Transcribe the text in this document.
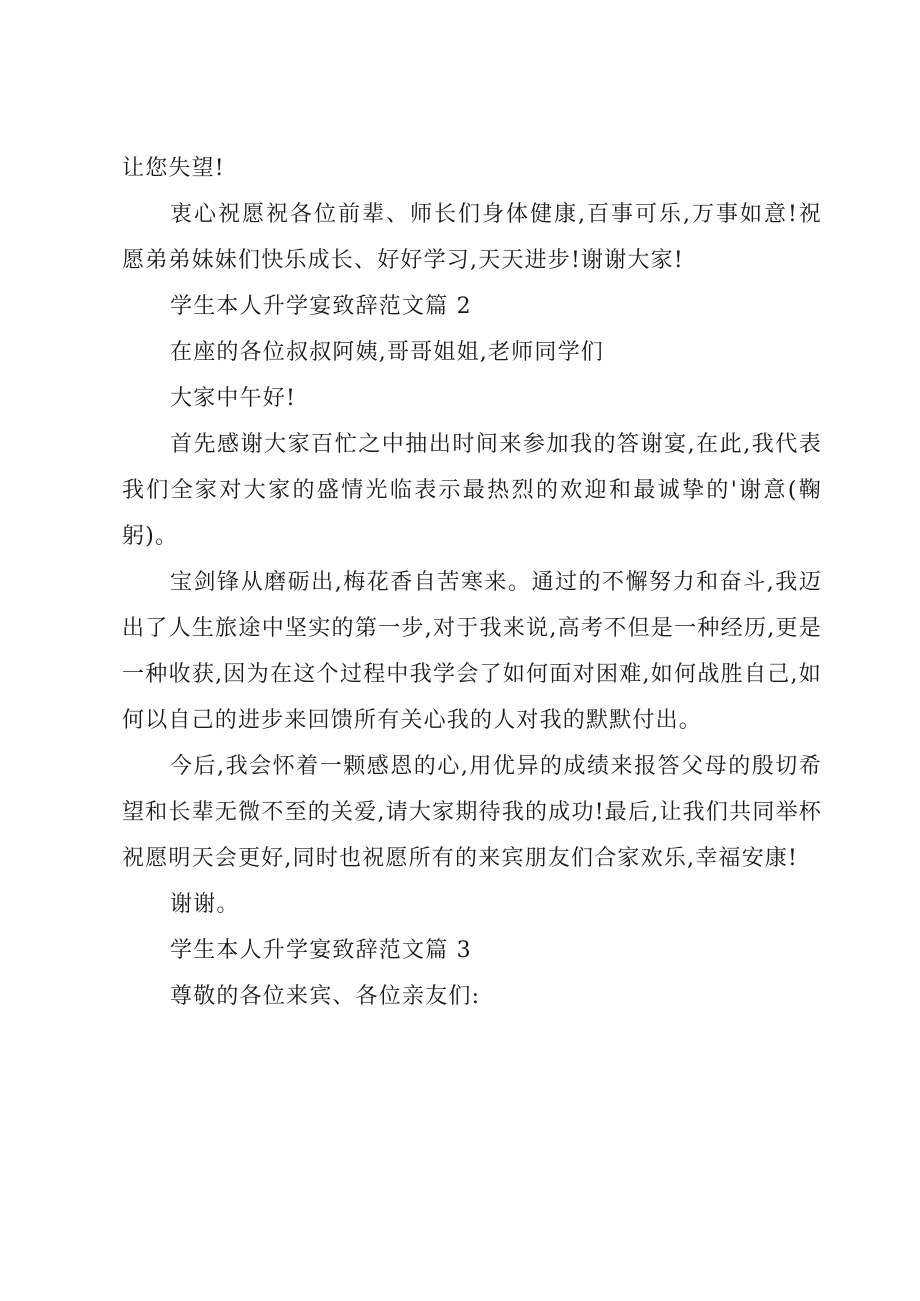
让您失望!

衷心祝愿祝各位前辈、师长们身体健康,百事可乐,万事如意!祝愿弟弟妹妹们快乐成长、好好学习,天天进步!谢谢大家!

学生本人升学宴致辞范文篇 2

在座的各位叔叔阿姨,哥哥姐姐,老师同学们

大家中午好!

首先感谢大家百忙之中抽出时间来参加我的答谢宴,在此,我代表我们全家对大家的盛情光临表示最热烈的欢迎和最诚挚的'谢意(鞠躬)。

宝剑锋从磨砺出,梅花香自苦寒来。通过的不懈努力和奋斗,我迈出了人生旅途中坚实的第一步,对于我来说,高考不但是一种经历,更是一种收获,因为在这个过程中我学会了如何面对困难,如何战胜自己,如何以自己的进步来回馈所有关心我的人对我的默默付出。

今后,我会怀着一颗感恩的心,用优异的成绩来报答父母的殷切希望和长辈无微不至的关爱,请大家期待我的成功!最后,让我们共同举杯祝愿明天会更好,同时也祝愿所有的来宾朋友们合家欢乐,幸福安康!

谢谢。

学生本人升学宴致辞范文篇 3

尊敬的各位来宾、各位亲友们:
